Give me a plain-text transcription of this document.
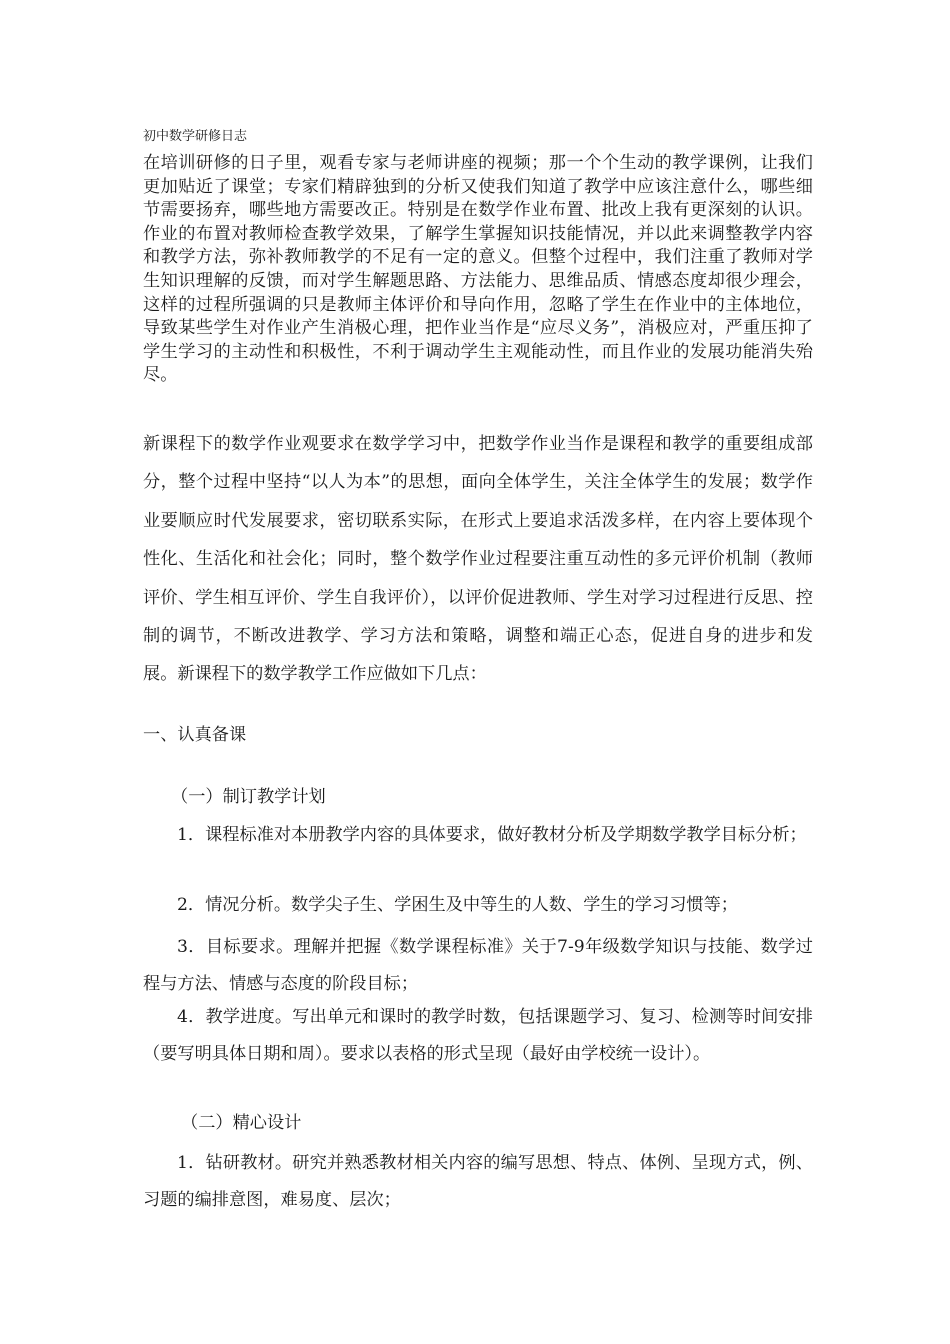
初中数学研修日志
在培训研修的日子里，观看专家与老师讲座的视频；那一个个生动的教学课例，让我们更加贴近了课堂；专家们精辟独到的分析又使我们知道了教学中应该注意什么，哪些细节需要扬弃，哪些地方需要改正。特别是在数学作业布置、批改上我有更深刻的认识。作业的布置对教师检查教学效果，了解学生掌握知识技能情况，并以此来调整教学内容和教学方法，弥补教师教学的不足有一定的意义。但整个过程中，我们注重了教师对学生知识理解的反馈，而对学生解题思路、方法能力、思维品质、情感态度却很少理会，这样的过程所强调的只是教师主体评价和导向作用，忽略了学生在作业中的主体地位，导致某些学生对作业产生消极心理，把作业当作是“应尽义务”，消极应对，严重压抑了学生学习的主动性和积极性，不利于调动学生主观能动性，而且作业的发展功能消失殆尽。
新课程下的数学作业观要求在数学学习中，把数学作业当作是课程和教学的重要组成部分，整个过程中坚持“以人为本”的思想，面向全体学生，关注全体学生的发展；数学作业要顺应时代发展要求，密切联系实际，在形式上要追求活泼多样，在内容上要体现个性化、生活化和社会化；同时，整个数学作业过程要注重互动性的多元评价机制（教师评价、学生相互评价、学生自我评价），以评价促进教师、学生对学习过程进行反思、控制的调节，不断改进教学、学习方法和策略，调整和端正心态，促进自身的进步和发展。新课程下的数学教学工作应做如下几点：
一、认真备课
（一）制订教学计划
1．课程标准对本册教学内容的具体要求，做好教材分析及学期数学教学目标分析；
2．情况分析。数学尖子生、学困生及中等生的人数、学生的学习习惯等；
3．目标要求。理解并把握《数学课程标准》关于7-9年级数学知识与技能、数学过程与方法、情感与态度的阶段目标；
4．教学进度。写出单元和课时的教学时数，包括课题学习、复习、检测等时间安排（要写明具体日期和周）。要求以表格的形式呈现（最好由学校统一设计）。
（二）精心设计
1．钻研教材。研究并熟悉教材相关内容的编写思想、特点、体例、呈现方式，例、习题的编排意图，难易度、层次；
